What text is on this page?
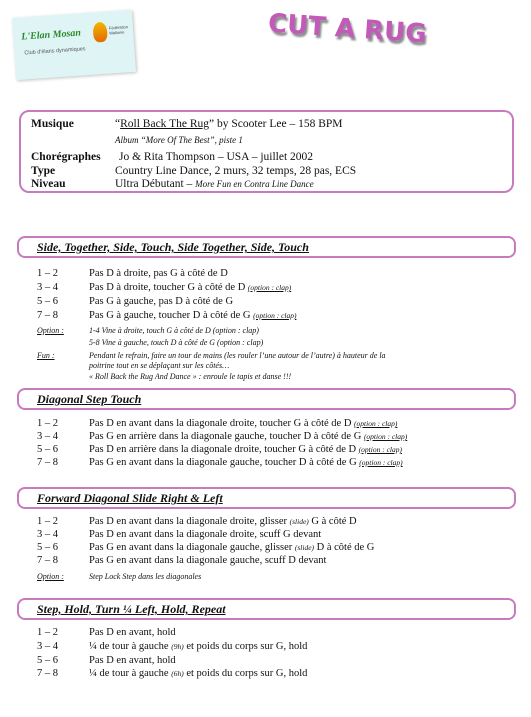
L'Elan Mosan
Club d'élans dynamiques
Fédération Wallonie	CUT A RUG
Musique	“Roll Back The Rug” by Scooter Lee – 158 BPM
Album “More Of The Best”, piste 1
Chorégraphes Jo & Rita Thompson – USA – juillet 2002
Type	Country Line Dance, 2 murs, 32 temps, 28 pas, ECS
Niveau	Ultra Débutant – More Fun en Contra Line Dance
Side, Together, Side, Touch, Side Together, Side, Touch
1 – 2	Pas D à droite, pas G à côté de D
3 – 4	Pas D à droite, toucher G à côté de D (option : clap)
5 – 6	Pas G à gauche, pas D à côté de G
7 – 8	Pas G à gauche, toucher D à côté de G (option : clap)
Option :	1-4 Vine à droite, touch G à côté de D (option : clap)
5-8 Vine à gauche, touch D à côté de G (option : clap)
Fun :	Pendant le refrain, faire un tour de mains (les rouler l’une autour de l’autre) à hauteur de la
poitrine tout en se déplaçant sur les côtés…
« Roll Back the Rug And Dance » : enroule le tapis et danse !!!
Diagonal Step Touch
1 – 2	Pas D en avant dans la diagonale droite, toucher G à côté de D (option : clap)
3 – 4	Pas G en arrière dans la diagonale gauche, toucher D à côté de G (option : clap)
5 – 6	Pas D en arrière dans la diagonale droite, toucher G à côté de D (option : clap)
7 – 8	Pas G en avant dans la diagonale gauche, toucher D à côté de G (option : clap)
Forward Diagonal Slide Right & Left
1 – 2	Pas D en avant dans la diagonale droite, glisser (slide) G à côté D
3 – 4	Pas D en avant dans la diagonale droite, scuff G devant
5 – 6	Pas G en avant dans la diagonale gauche, glisser (slide) D à côté de G
7 – 8	Pas G en avant dans la diagonale gauche, scuff D devant
Option :	Step Lock Step dans les diagonales
Step, Hold, Turn ¼ Left, Hold, Repeat
1 – 2	Pas D en avant, hold
3 – 4	¼ de tour à gauche (9h) et poids du corps sur G, hold
5 – 6	Pas D en avant, hold
7 – 8	¼ de tour à gauche (6h) et poids du corps sur G, hold
